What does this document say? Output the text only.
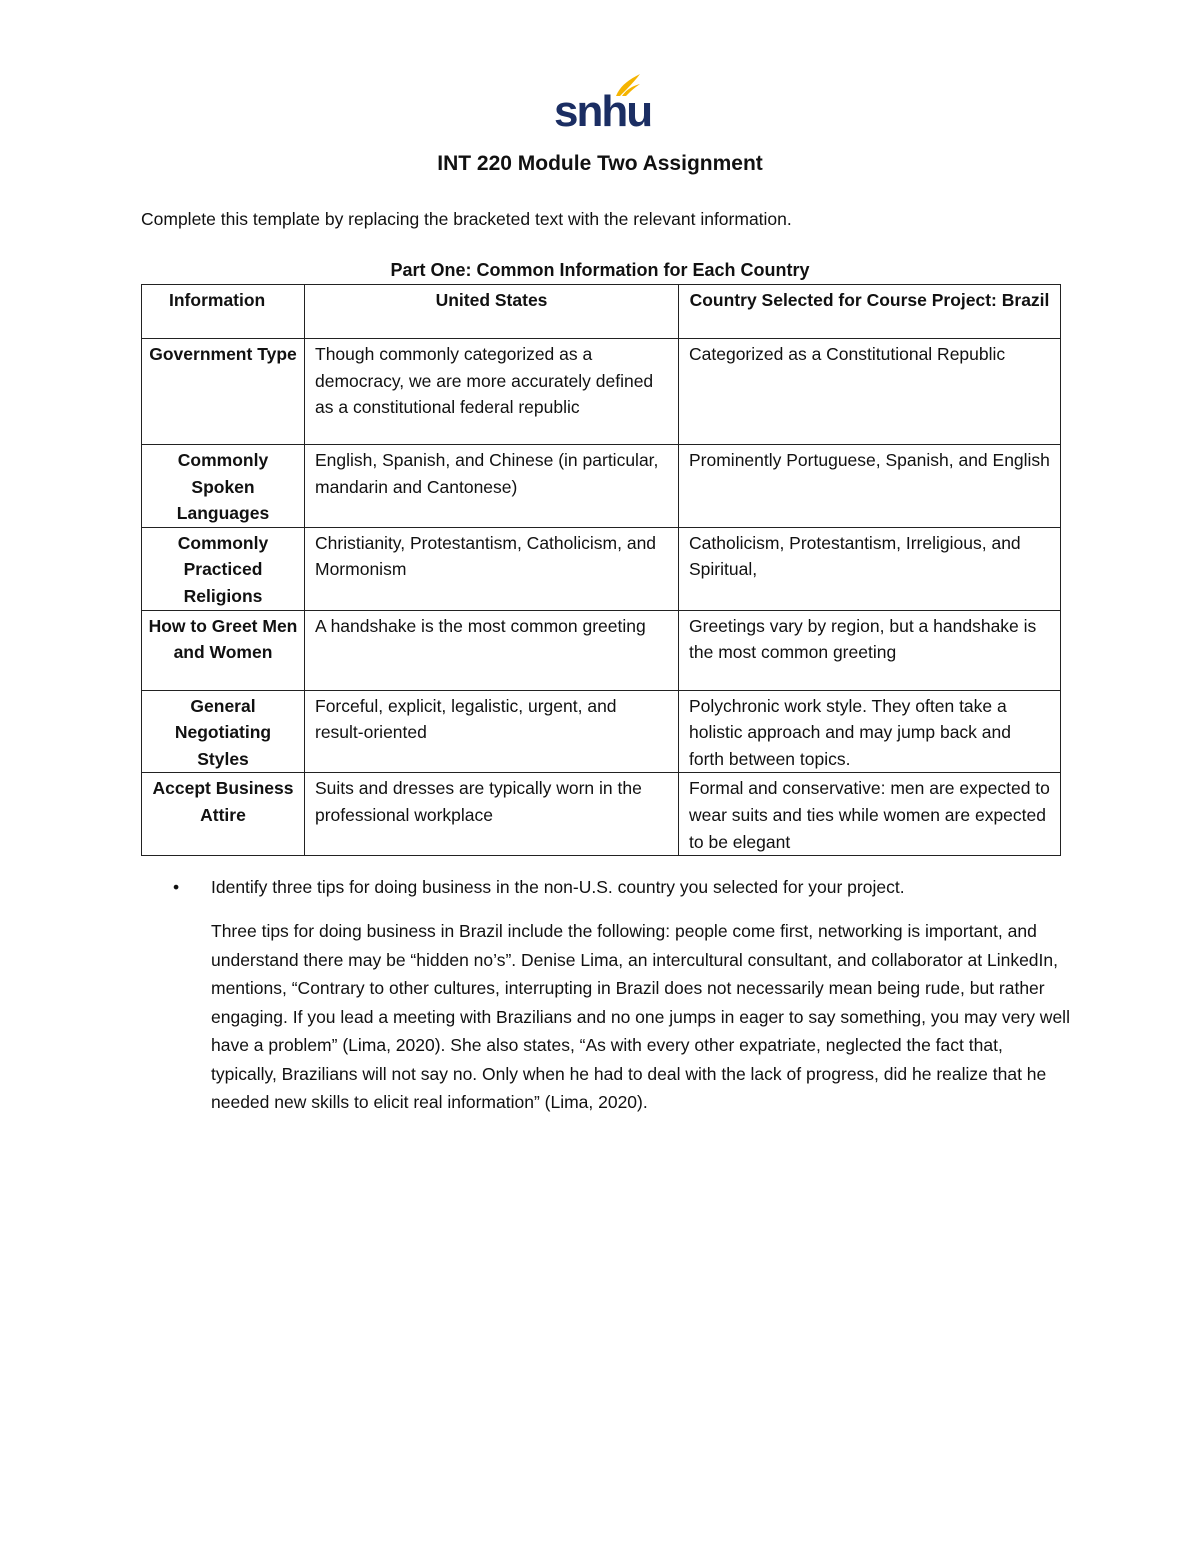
snhu
INT 220 Module Two Assignment
Complete this template by replacing the bracketed text with the relevant information.
Part One: Common Information for Each Country
Information	United States	Country Selected for Course Project: Brazil
Government Type	Though commonly categorized as a democracy, we are more accurately defined as a constitutional federal republic	Categorized as a Constitutional Republic
Commonly Spoken Languages	English, Spanish, and Chinese (in particular, mandarin and Cantonese)	Prominently Portuguese, Spanish, and English
Commonly Practiced Religions	Christianity, Protestantism, Catholicism, and Mormonism	Catholicism, Protestantism, Irreligious, and Spiritual,
How to Greet Men and Women	A handshake is the most common greeting	Greetings vary by region, but a handshake is the most common greeting
General Negotiating Styles	Forceful, explicit, legalistic, urgent, and result-oriented	Polychronic work style. They often take a holistic approach and may jump back and forth between topics.
Accept Business Attire	Suits and dresses are typically worn in the professional workplace	Formal and conservative: men are expected to wear suits and ties while women are expected to be elegant
•	Identify three tips for doing business in the non-U.S. country you selected for your project.
Three tips for doing business in Brazil include the following: people come first, networking is important, and understand there may be “hidden no’s”. Denise Lima, an intercultural consultant, and collaborator at LinkedIn, mentions, “Contrary to other cultures, interrupting in Brazil does not necessarily mean being rude, but rather engaging. If you lead a meeting with Brazilians and no one jumps in eager to say something, you may very well have a problem” (Lima, 2020). She also states, “As with every other expatriate, neglected the fact that, typically, Brazilians will not say no. Only when he had to deal with the lack of progress, did he realize that he needed new skills to elicit real information” (Lima, 2020).
